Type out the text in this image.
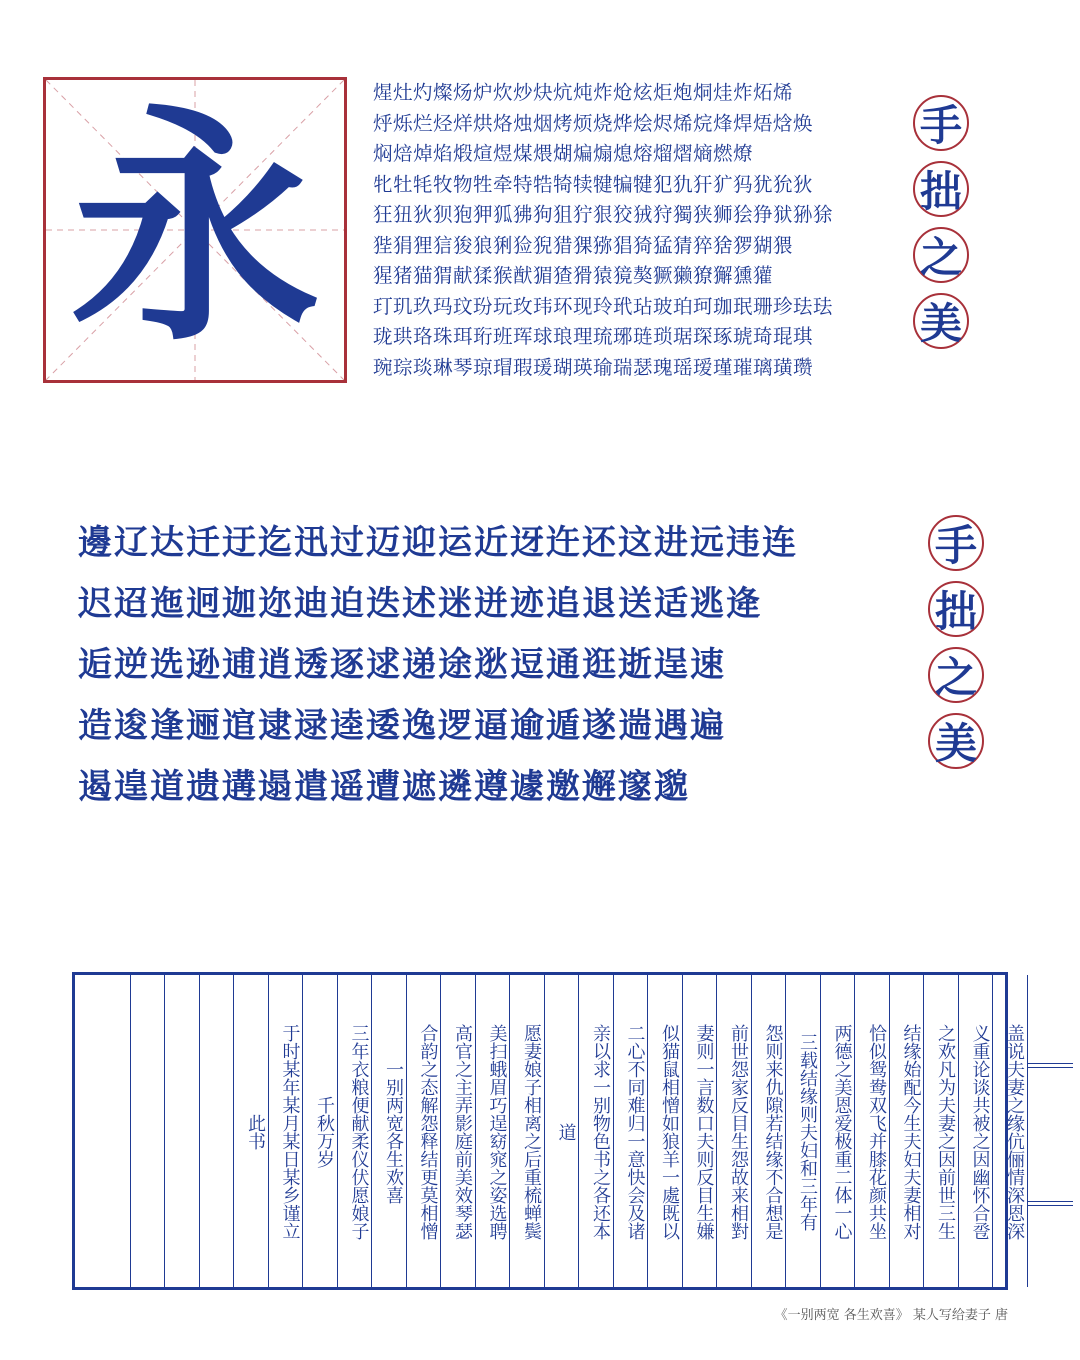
永	煋灶灼燦炀炉炊炒炔炕炖炸炝炫炬炮烔烓炸炻烯
烀烁烂烃烊烘烙烛烟烤烦烧烨烩烬烯烷烽焊焐焓焕
焖焙焯焰煅煊煜煤煨煳煸煽熄熔熘熠熵燃燎
牝牡牦牧物牲牵特牿犄犊犍犏犍犯犰犴犷犸犹狁狄
狂狃狄狈狍狎狐狒狗狙狞狠狡狨狩獨狭狮狯狰狱狲狳
狴狷狸狺狻狼猁猃猊猎猓猕猖猗猛猜猝猞猡猢猥
猩猪猫猬献猱猴猷猸猹猾猿獍獒獗獭獠獬獯獾
玎玑玖玛玟玢玩玫玮环现玲玳玷玻珀珂珈珉珊珍珐珐
珑珙珞珠珥珩班珲球琅理琉琊琏琐琚琛琢琥琦琨琪
琬琮琰琳琴琼瑁瑕瑗瑚瑛瑜瑞瑟瑰瑶瑷瑾璀璃璜瓒
手
拙
之
美
邊辽达迁迂迄迅过迈迎运近迓迕还这进远违连
迟迢迤迥迦迩迪迫迭述迷迸迹追退送适逃逄
逅逆选逊逋逍透逐逑递途逖逗通逛逝逞速
造逡逢逦逭逮逯逵逶逸逻逼逾遁遂遄遇遍
遏遑道遗遘遢遣遥遭遮遴遵遽邀邂邃邈
手
拙
之
美
盖说夫妻之缘伉俪情深恩深
义重论谈共被之因幽怀合卺
之欢凡为夫妻之因前世三生
结缘始配今生夫妇夫妻相对
恰似鸳鸯双飞并膝花颜共坐
两德之美恩爱极重二体一心
三载结缘则夫妇和三年有
怨则来仇隙若结缘不合想是
前世怨家反目生怨故来相對
妻则一言数口夫则反目生嫌
似猫鼠相憎如狼羊一處既以
二心不同难归一意快会及诸
亲以求一别物色书之各还本
道
愿妻娘子相离之后重梳蝉鬓
美扫蛾眉巧逞窈窕之姿选聘
高官之主弄影庭前美效琴瑟
合韵之态解怨释结更莫相憎
一别两宽各生欢喜
三年衣粮便献柔仪伏愿娘子
千秋万岁
于时某年某月某日某乡谨立
此书
《一别两宽 各生欢喜》 某人写给妻子 唐
